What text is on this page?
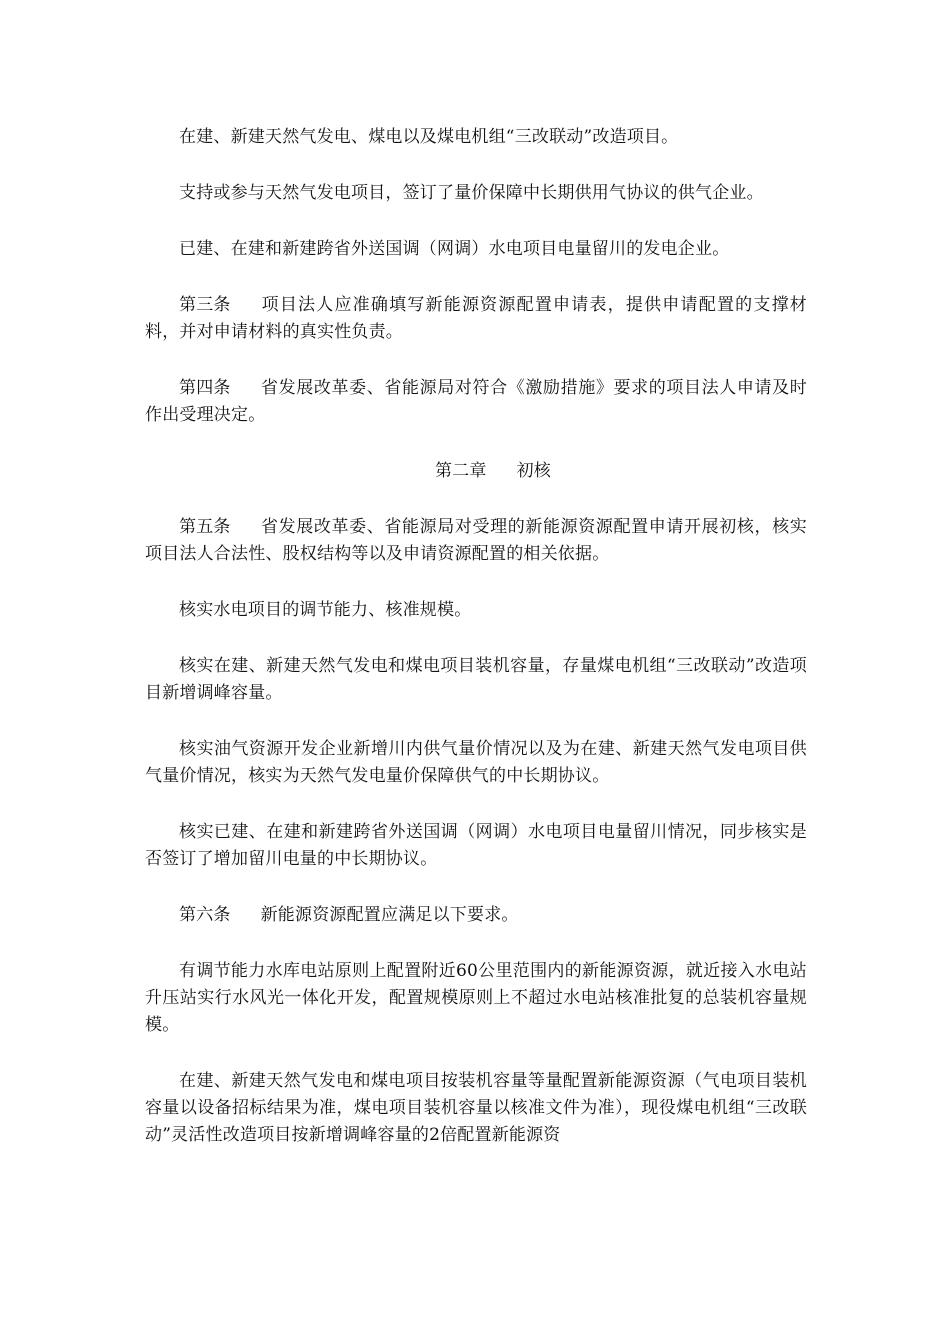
在建、新建天然气发电、煤电以及煤电机组“三改联动”改造项目。

支持或参与天然气发电项目，签订了量价保障中长期供用气协议的供气企业。

已建、在建和新建跨省外送国调（网调）水电项目电量留川的发电企业。

第三条 项目法人应准确填写新能源资源配置申请表，提供申请配置的支撑材料，并对申请材料的真实性负责。

第四条 省发展改革委、省能源局对符合《激励措施》要求的项目法人申请及时作出受理决定。

第二章 初核

第五条 省发展改革委、省能源局对受理的新能源资源配置申请开展初核，核实项目法人合法性、股权结构等以及申请资源配置的相关依据。

核实水电项目的调节能力、核准规模。

核实在建、新建天然气发电和煤电项目装机容量，存量煤电机组“三改联动”改造项目新增调峰容量。

核实油气资源开发企业新增川内供气量价情况以及为在建、新建天然气发电项目供气量价情况，核实为天然气发电量价保障供气的中长期协议。

核实已建、在建和新建跨省外送国调（网调）水电项目电量留川情况，同步核实是否签订了增加留川电量的中长期协议。

第六条 新能源资源配置应满足以下要求。

有调节能力水库电站原则上配置附近60公里范围内的新能源资源，就近接入水电站升压站实行水风光一体化开发，配置规模原则上不超过水电站核准批复的总装机容量规模。

在建、新建天然气发电和煤电项目按装机容量等量配置新能源资源（气电项目装机容量以设备招标结果为准，煤电项目装机容量以核准文件为准），现役煤电机组“三改联动”灵活性改造项目按新增调峰容量的2倍配置新能源资
